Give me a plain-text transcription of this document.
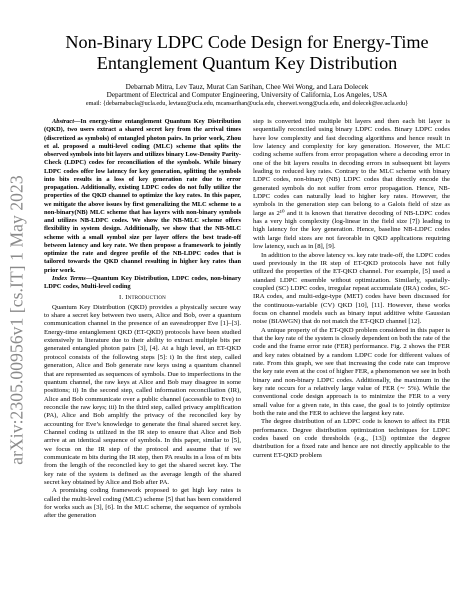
arXiv:2305.00956v1 [cs.IT] 1 May 2023
Non-Binary LDPC Code Design for Energy-Time
Entanglement Quantum Key Distribution
Debarnab Mitra, Lev Tauz, Murat Can Sarihan, Chee Wei Wong, and Lara Dolecek
Department of Electrical and Computer Engineering, University of California, Los Angeles, USA
email: {debarnabucla@ucla.edu, levtauz@ucla.edu, mcansarihan@ucla.edu, cheewei.wong@ucla.edu, and dolecek@ee.ucla.edu}

Abstract—In energy-time entanglement Quantum Key Distribution (QKD), two users extract a shared secret key from the arrival times (discretized as symbols) of entangled photon pairs. In prior work, Zhou et al. proposed a multi-level coding (MLC) scheme that splits the observed symbols into bit layers and utilizes binary Low-Density Parity-Check (LDPC) codes for reconciliation of the symbols. While binary LDPC codes offer low latency for key generation, splitting the symbols into bits results in a loss of key generation rate due to error propagation. Additionally, existing LDPC codes do not fully utilize the properties of the QKD channel to optimize the key rates. In this paper, we mitigate the above issues by first generalizing the MLC scheme to a non-binary(NB) MLC scheme that has layers with non-binary symbols and utilizes NB-LDPC codes. We show the NB-MLC scheme offers flexibility in system design. Additionally, we show that the NB-MLC scheme with a small symbol size per layer offers the best trade-off between latency and key rate. We then propose a framework to jointly optimize the rate and degree profile of the NB-LDPC codes that is tailored towards the QKD channel resulting in higher key rates than prior work.

Index Terms—Quantum Key Distribution, LDPC codes, non-binary LDPC codes, Multi-level coding

I. Introduction

Quantum Key Distribution (QKD) provides a physically secure way to share a secret key between two users, Alice and Bob, over a quantum communication channel in the presence of an eavesdropper Eve [1]–[3]. Energy-time entanglement QKD (ET-QKD) protocols have been studied extensively in literature due to their ability to extract multiple bits per generated entangled photon pairs [3], [4]. At a high level, an ET-QKD protocol consists of the following steps [5]: i) In the first step, called generation, Alice and Bob generate raw keys using a quantum channel that are represented as sequences of symbols. Due to imperfections in the quantum channel, the raw keys at Alice and Bob may disagree in some positions; ii) In the second step, called information reconciliation (IR), Alice and Bob communicate over a public channel (accessible to Eve) to reconcile the raw keys; iii) In the third step, called privacy amplification (PA), Alice and Bob amplify the privacy of the reconciled key by accounting for Eve’s knowledge to generate the final shared secret key. Channel coding is utilized in the IR step to ensure that Alice and Bob arrive at an identical sequence of symbols. In this paper, similar to [5], we focus on the IR step of the protocol and assume that if we communicate m bits during the IR step, then PA results in a loss of m bits from the length of the reconciled key to get the shared secret key. The key rate of the system is defined as the average length of the shared secret key obtained by Alice and Bob after PA.

A promising coding framework proposed to get high key rates is called the multi-level coding (MLC) scheme [5] that has been considered for works such as [3], [6]. In the MLC scheme, the sequence of symbols after the generation

step is converted into multiple bit layers and then each bit layer is sequentially reconciled using binary LDPC codes. Binary LDPC codes have low complexity and fast decoding algorithms and hence result in low latency and complexity for key generation. However, the MLC coding scheme suffers from error propagation where a decoding error in one of the bit layers results in decoding errors in subsequent bit layers leading to reduced key rates. Contrary to the MLC scheme with binary LDPC codes, non-binary (NB) LDPC codes that directly encode the generated symbols do not suffer from error propagation. Hence, NB-LDPC codes can naturally lead to higher key rates. However, the symbols in the generation step can belong to a Galois field of size as large as 2¹⁰ and it is known that iterative decoding of NB-LDPC codes has a very high complexity (log-linear in the field size [7]) leading to high latency for the key generation. Hence, baseline NB-LDPC codes with large field sizes are not favorable in QKD applications requiring low latency, such as in [8], [9].

In addition to the above latency vs. key rate trade-off, the LDPC codes used previously in the IR step of ET-QKD protocols have not fully utilized the properties of the ET-QKD channel. For example, [5] used a standard LDPC ensemble without optimization. Similarly, spatially-coupled (SC) LDPC codes, irregular repeat accumulate (IRA) codes, SC-IRA codes, and multi-edge-type (MET) codes have been discussed for the continuous-variable (CV) QKD [10], [11]. However, these works focus on channel models such as binary input additive white Gaussian noise (BIAWGN) that do not match the ET-QKD channel [12].

A unique property of the ET-QKD problem considered in this paper is that the key rate of the system is closely dependent on both the rate of the code and the frame error rate (FER) performance. Fig. 2 shows the FER and key rates obtained by a random LDPC code for different values of rate. From this graph, we see that increasing the code rate can improve the key rate even at the cost of higher FER, a phenomenon we see in both binary and non-binary LDPC codes. Additionally, the maximum in the key rate occurs for a relatively large value of FER (∼ 5%). While the conventional code design approach is to minimize the FER to a very small value for a given rate, in this case, the goal is to jointly optimize both the rate and the FER to achieve the largest key rate.

The degree distribution of an LDPC code is known to affect its FER performance. Degree distribution optimization techniques for LDPC codes based on code thresholds (e.g., [13]) optimize the degree distribution for a fixed rate and hence are not directly applicable to the current ET-QKD problem
